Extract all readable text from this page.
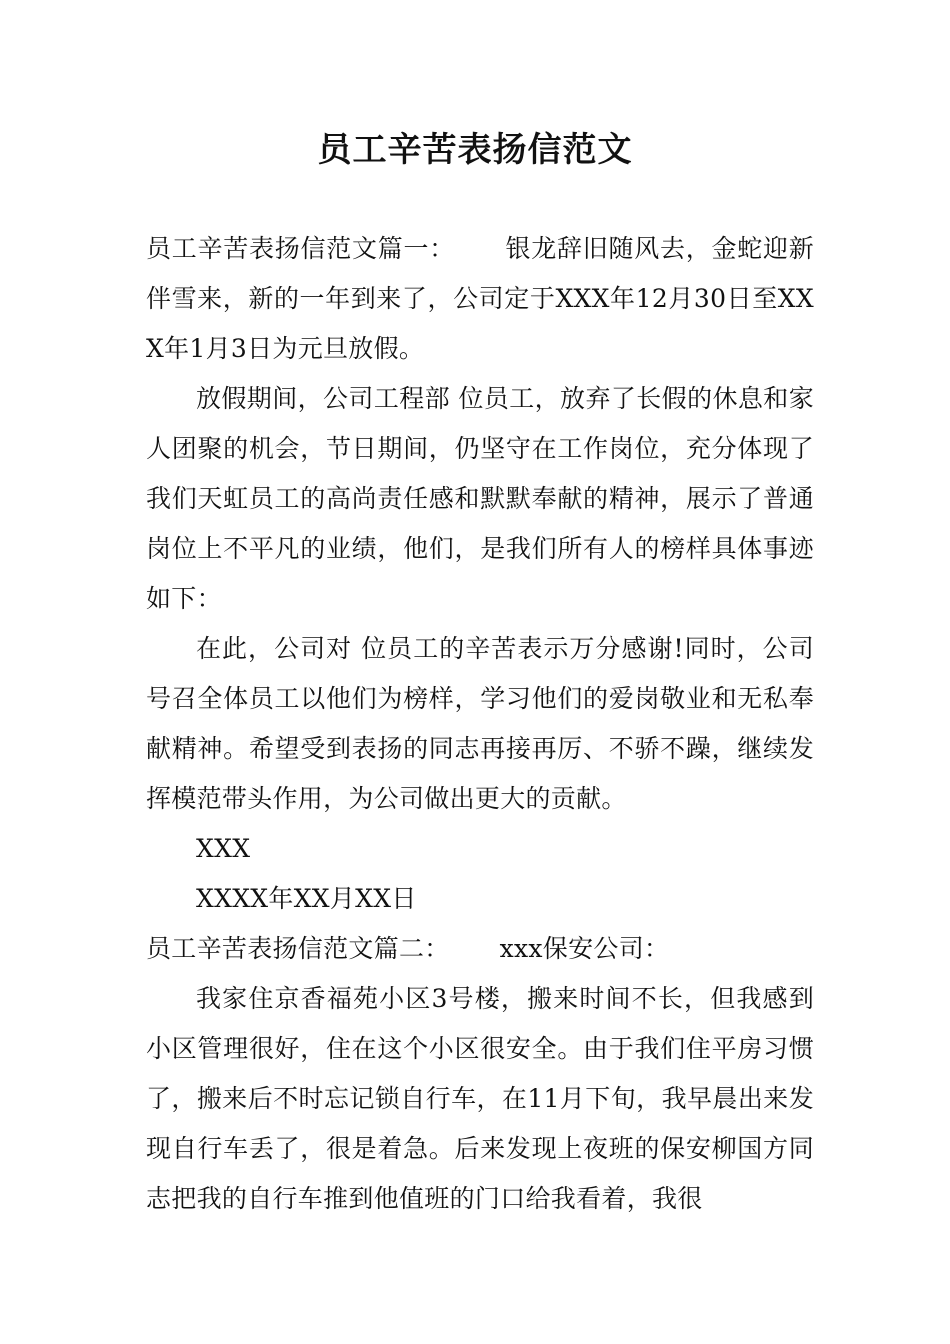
员工辛苦表扬信范文

员工辛苦表扬信范文篇一： 银龙辞旧随风去，金蛇迎新伴雪来，新的一年到来了，公司定于XXX年12月30日至XXX年1月3日为元旦放假。

放假期间，公司工程部 位员工，放弃了长假的休息和家人团聚的机会，节日期间，仍坚守在工作岗位，充分体现了我们天虹员工的高尚责任感和默默奉献的精神，展示了普通岗位上不平凡的业绩，他们，是我们所有人的榜样具体事迹如下：

在此，公司对 位员工的辛苦表示万分感谢!同时，公司号召全体员工以他们为榜样，学习他们的爱岗敬业和无私奉献精神。希望受到表扬的同志再接再厉、不骄不躁，继续发挥模范带头作用，为公司做出更大的贡献。

XXX

XXXX年XX月XX日

员工辛苦表扬信范文篇二： xxx保安公司：

我家住京香福苑小区3号楼，搬来时间不长，但我感到小区管理很好，住在这个小区很安全。由于我们住平房习惯了，搬来后不时忘记锁自行车，在11月下旬，我早晨出来发现自行车丢了，很是着急。后来发现上夜班的保安柳国方同志把我的自行车推到他值班的门口给我看着，我很
